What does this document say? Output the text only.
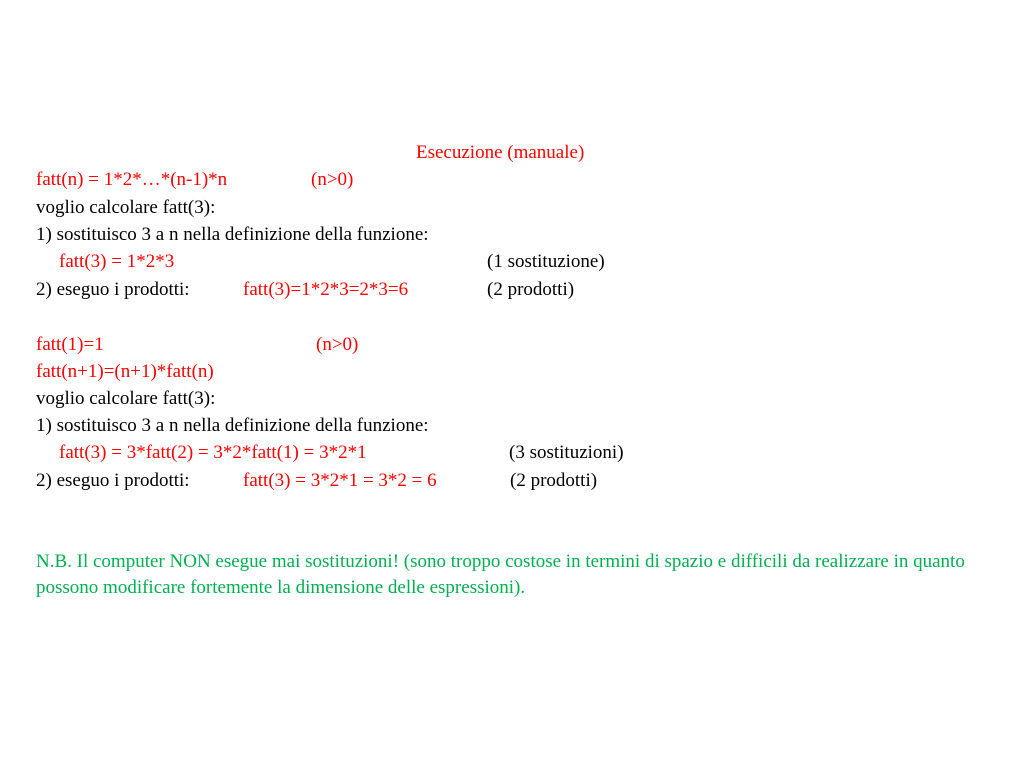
Esecuzione (manuale)
fatt(n) = 1*2*…*(n-1)*n	(n>0)
voglio calcolare fatt(3):
1) sostituisco 3 a n nella definizione della funzione:
fatt(3) = 1*2*3	(1 sostituzione)
2) eseguo i prodotti:	fatt(3)=1*2*3=2*3=6	(2 prodotti)
fatt(1)=1	(n>0)
fatt(n+1)=(n+1)*fatt(n)
voglio calcolare fatt(3):
1) sostituisco 3 a n nella definizione della funzione:
fatt(3) = 3*fatt(2) = 3*2*fatt(1) = 3*2*1	(3 sostituzioni)
2) eseguo i prodotti:	fatt(3) = 3*2*1 = 3*2 = 6	(2 prodotti)
N.B. Il computer NON esegue mai sostituzioni! (sono troppo costose in termini di spazio e difficili da realizzare in quanto possono modificare fortemente la dimensione delle espressioni).
